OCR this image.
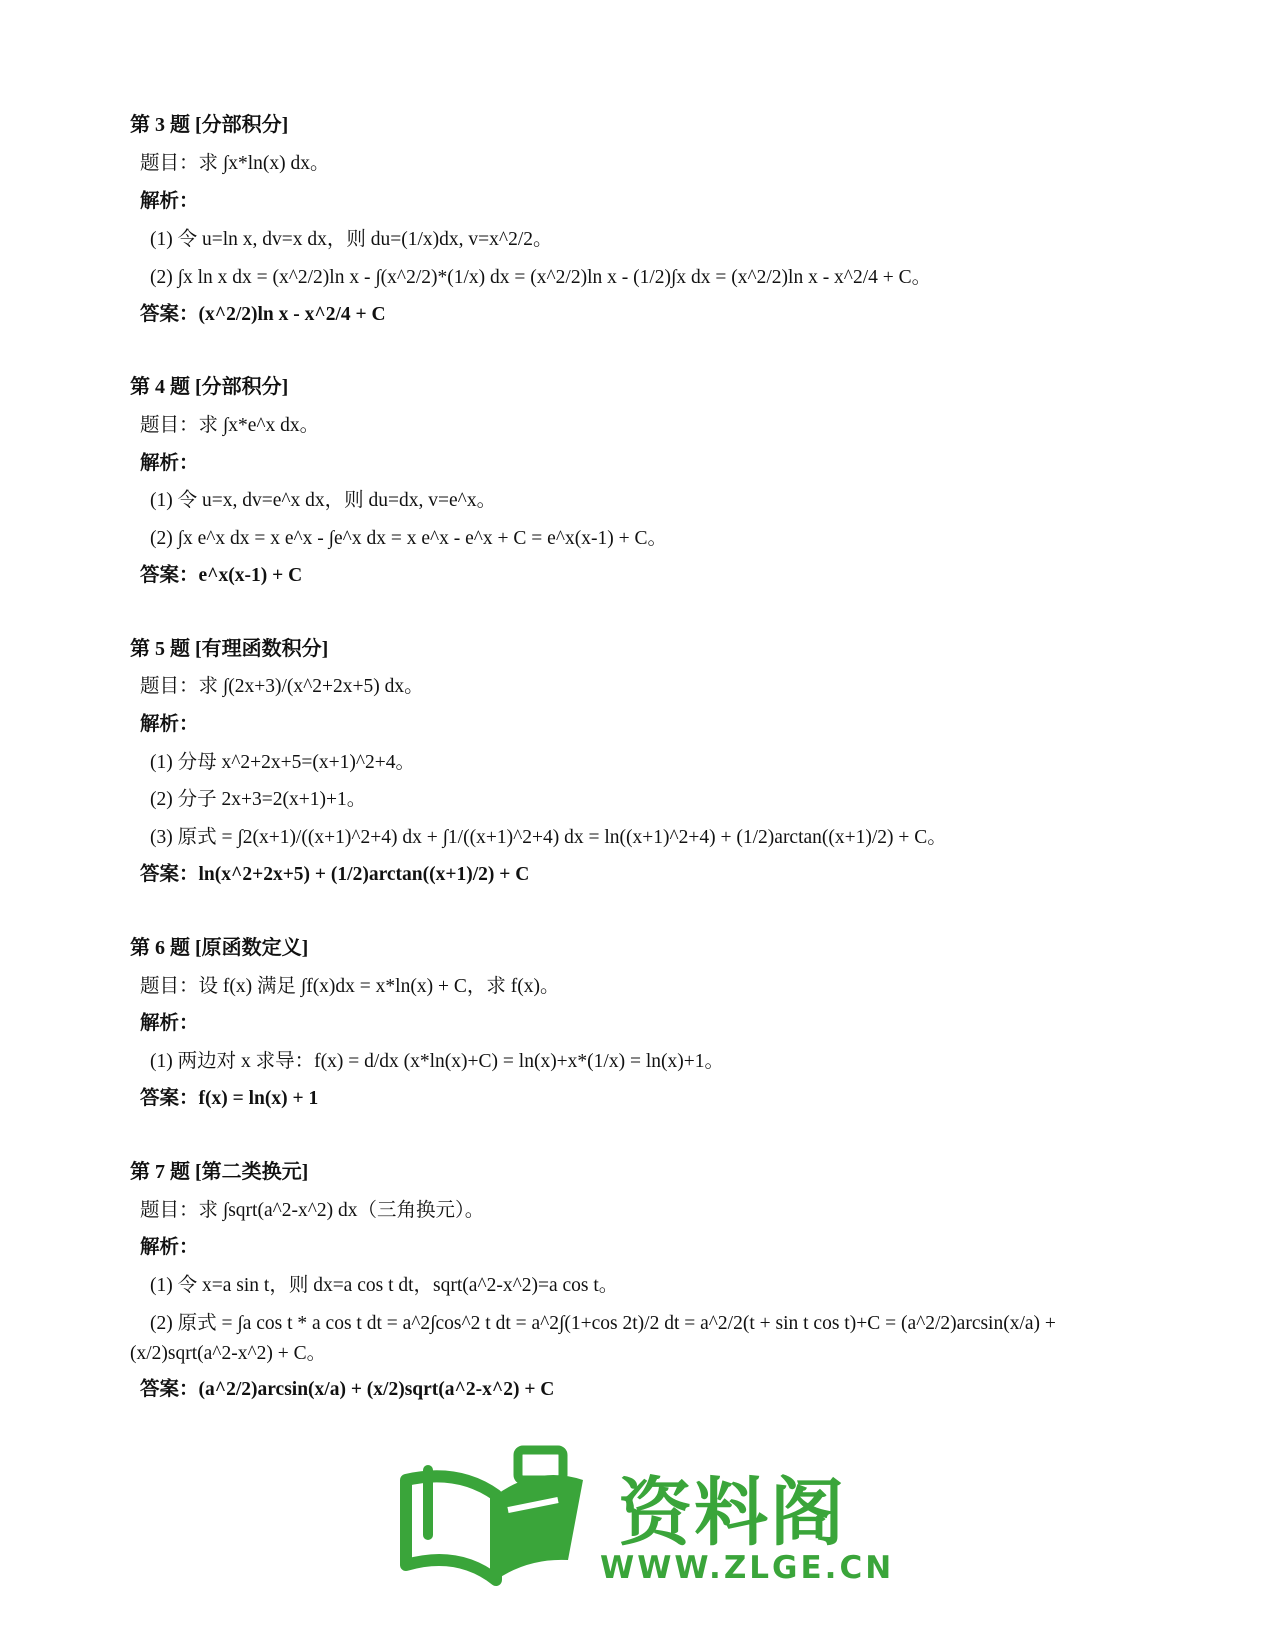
第 3 题 [分部积分]
题目：求 ∫x*ln(x) dx。
解析：
(1) 令 u=ln x, dv=x dx，则 du=(1/x)dx, v=x^2/2。
(2) ∫x ln x dx = (x^2/2)ln x - ∫(x^2/2)*(1/x) dx = (x^2/2)ln x - (1/2)∫x dx = (x^2/2)ln x - x^2/4 + C。
答案：(x^2/2)ln x - x^2/4 + C
第 4 题 [分部积分]
题目：求 ∫x*e^x dx。
解析：
(1) 令 u=x, dv=e^x dx，则 du=dx, v=e^x。
(2) ∫x e^x dx = x e^x - ∫e^x dx = x e^x - e^x + C = e^x(x-1) + C。
答案：e^x(x-1) + C
第 5 题 [有理函数积分]
题目：求 ∫(2x+3)/(x^2+2x+5) dx。
解析：
(1) 分母 x^2+2x+5=(x+1)^2+4。
(2) 分子 2x+3=2(x+1)+1。
(3) 原式 = ∫2(x+1)/((x+1)^2+4) dx + ∫1/((x+1)^2+4) dx = ln((x+1)^2+4) + (1/2)arctan((x+1)/2) + C。
答案：ln(x^2+2x+5) + (1/2)arctan((x+1)/2) + C
第 6 题 [原函数定义]
题目：设 f(x) 满足 ∫f(x)dx = x*ln(x) + C，求 f(x)。
解析：
(1) 两边对 x 求导：f(x) = d/dx (x*ln(x)+C) = ln(x)+x*(1/x) = ln(x)+1。
答案：f(x) = ln(x) + 1
第 7 题 [第二类换元]
题目：求 ∫sqrt(a^2-x^2) dx（三角换元）。
解析：
(1) 令 x=a sin t，则 dx=a cos t dt，sqrt(a^2-x^2)=a cos t。
(2) 原式 = ∫a cos t * a cos t dt = a^2∫cos^2 t dt = a^2∫(1+cos 2t)/2 dt = a^2/2(t + sin t cos t)+C = (a^2/2)arcsin(x/a) +
(x/2)sqrt(a^2-x^2) + C。
答案：(a^2/2)arcsin(x/a) + (x/2)sqrt(a^2-x^2) + C
资料阁
WWW.ZLGE.CN
